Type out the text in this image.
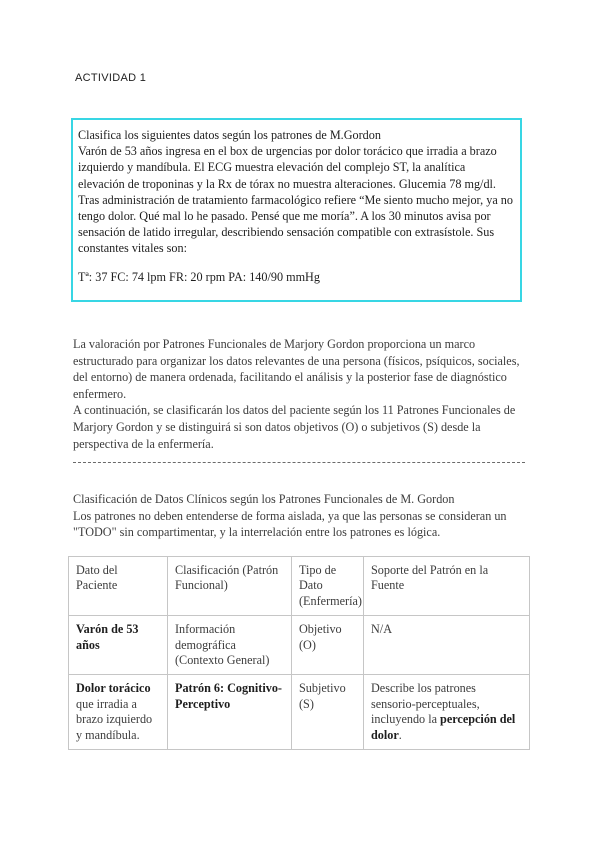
ACTIVIDAD 1

Clasifica los siguientes datos según los patrones de M.Gordon

Varón de 53 años ingresa en el box de urgencias por dolor torácico que irradia a brazo izquierdo y mandíbula. El ECG muestra elevación del complejo ST, la analítica elevación de troponinas y la Rx de tórax no muestra alteraciones. Glucemia 78 mg/dl. Tras administración de tratamiento farmacológico refiere “Me siento mucho mejor, ya no tengo dolor. Qué mal lo he pasado. Pensé que me moría”. A los 30 minutos avisa por sensación de latido irregular, describiendo sensación compatible con extrasístole. Sus constantes vitales son:

Tª: 37 FC: 74 lpm FR: 20 rpm PA: 140/90 mmHg

La valoración por Patrones Funcionales de Marjory Gordon proporciona un marco estructurado para organizar los datos relevantes de una persona (físicos, psíquicos, sociales, del entorno) de manera ordenada, facilitando el análisis y la posterior fase de diagnóstico enfermero.

A continuación, se clasificarán los datos del paciente según los 11 Patrones Funcionales de Marjory Gordon y se distinguirá si son datos objetivos (O) o subjetivos (S) desde la perspectiva de la enfermería.

Clasificación de Datos Clínicos según los Patrones Funcionales de M. Gordon

Los patrones no deben entenderse de forma aislada, ya que las personas se consideran un "TODO" sin compartimentar, y la interrelación entre los patrones es lógica.

Dato del Paciente	Clasificación (Patrón Funcional)	Tipo de Dato (Enfermería)	Soporte del Patrón en la Fuente
Varón de 53 años	Información demográfica (Contexto General)	Objetivo (O)	N/A
Dolor torácico que irradia a brazo izquierdo y mandíbula.	Patrón 6: Cognitivo-Perceptivo	Subjetivo (S)	Describe los patrones sensorio-perceptuales, incluyendo la percepción del dolor.
